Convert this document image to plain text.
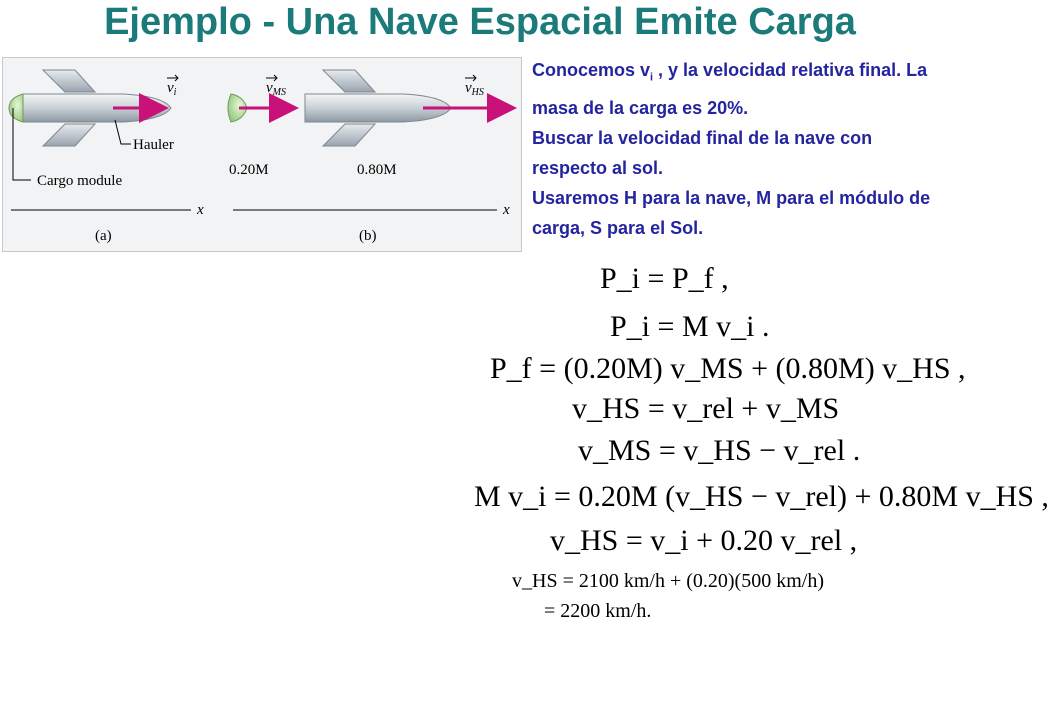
Ejemplo - Una Nave Espacial Emite Carga
$v_i$	$v_{MS}$	$v_{HS}$
Hauler
Cargo module
0.20M	0.80M
x	x
(a)	(b)

Conocemos $v_i$ , y la velocidad relativa final. La masa de la carga es 20%.

Buscar la velocidad final de la nave con respecto al sol.

Usaremos H para la nave, M para el módulo de carga, S para el Sol.

P_i = P_f ,
P_i = M v_i .
P_f = (0.20M) v_MS + (0.80M) v_HS ,
v_HS = v_rel + v_MS
v_MS = v_HS − v_rel .
M v_i = 0.20M (v_HS − v_rel) + 0.80M v_HS ,
v_HS = v_i + 0.20 v_rel ,
v_HS = 2100 km/h + (0.20)(500 km/h)
= 2200 km/h.
